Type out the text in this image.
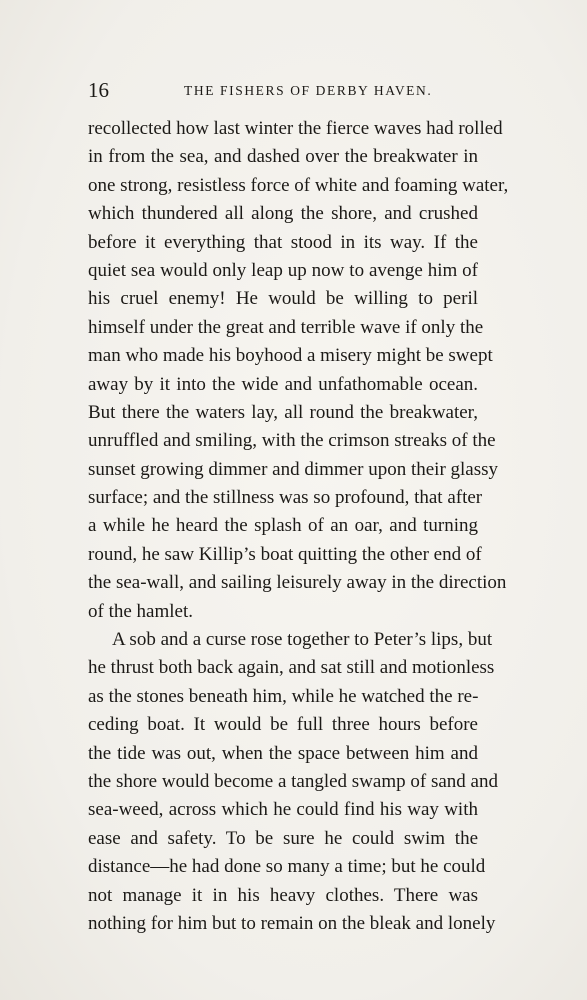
16	THE FISHERS OF DERBY HAVEN.
recollected how last winter the fierce waves had rolled
in from the sea, and dashed over the breakwater in
one strong, resistless force of white and foaming water,
which thundered all along the shore, and crushed
before it everything that stood in its way. If the
quiet sea would only leap up now to avenge him of
his cruel enemy! He would be willing to peril
himself under the great and terrible wave if only the
man who made his boyhood a misery might be swept
away by it into the wide and unfathomable ocean.
But there the waters lay, all round the breakwater,
unruffled and smiling, with the crimson streaks of the
sunset growing dimmer and dimmer upon their glassy
surface; and the stillness was so profound, that after
a while he heard the splash of an oar, and turning
round, he saw Killip’s boat quitting the other end of
the sea-wall, and sailing leisurely away in the direction
of the hamlet.
A sob and a curse rose together to Peter’s lips, but
he thrust both back again, and sat still and motionless
as the stones beneath him, while he watched the re-
ceding boat. It would be full three hours before
the tide was out, when the space between him and
the shore would become a tangled swamp of sand and
sea-weed, across which he could find his way with
ease and safety. To be sure he could swim the
distance—he had done so many a time; but he could
not manage it in his heavy clothes. There was
nothing for him but to remain on the bleak and lonely
